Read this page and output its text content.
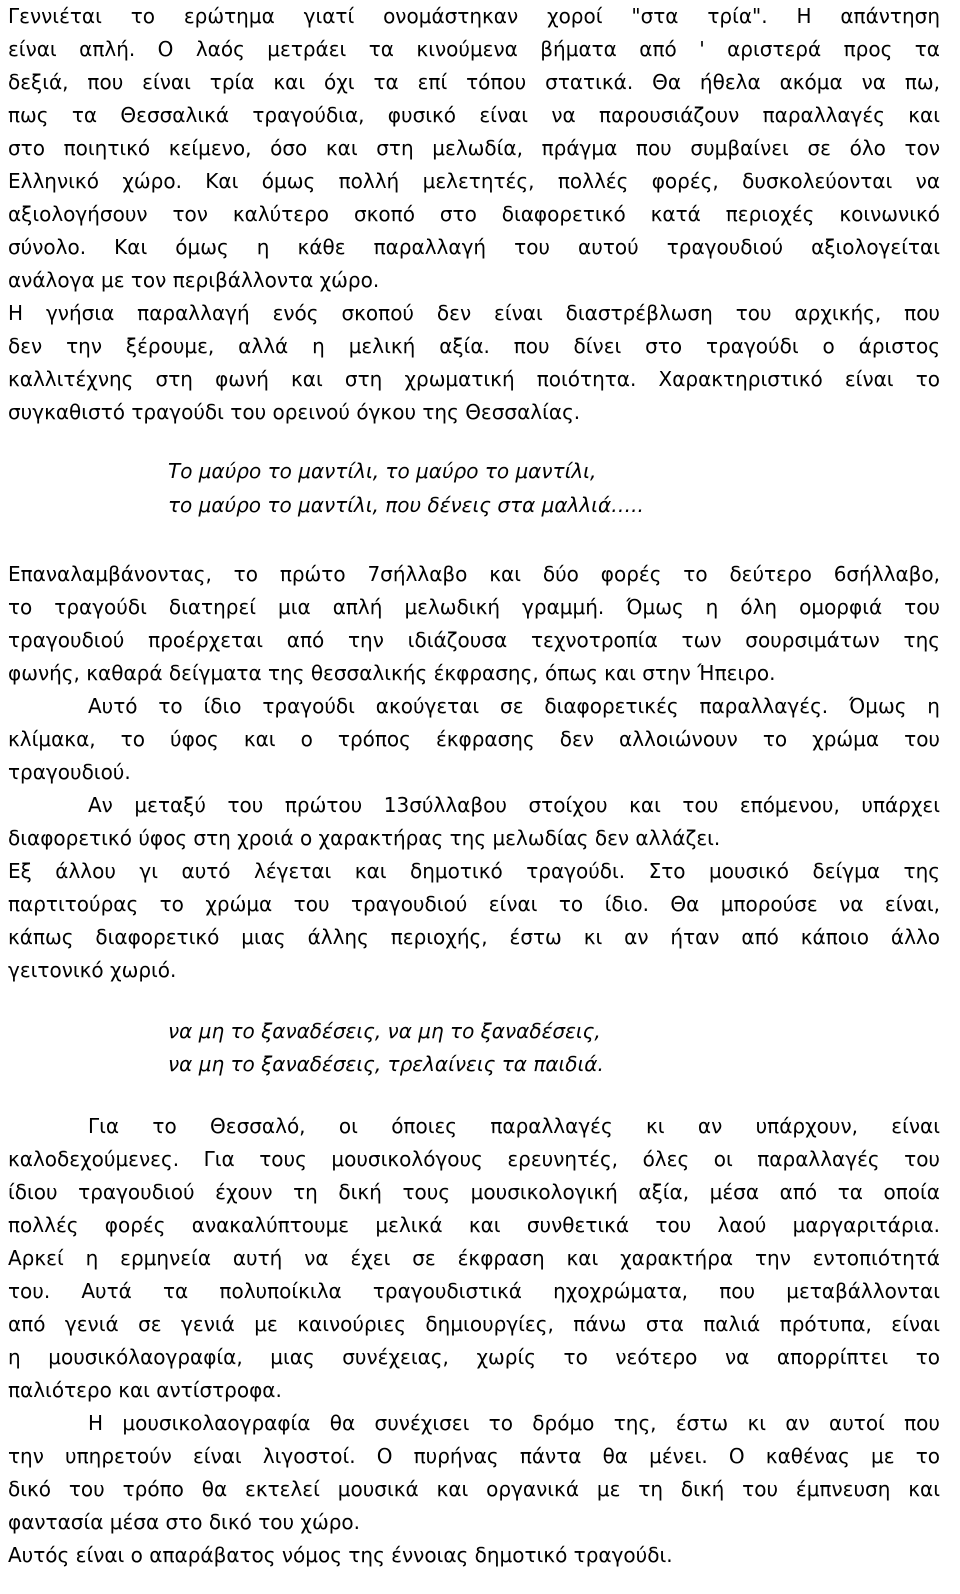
Γεννιέται το ερώτημα γιατί ονομάστηκαν χοροί "στα τρία". Η απάντηση
είναι απλή. Ο λαός μετράει τα κινούμενα βήματα από ' αριστερά προς τα
δεξιά, που είναι τρία και όχι τα επί τόπου στατικά. Θα ήθελα ακόμα να πω,
πως τα Θεσσαλικά τραγούδια, φυσικό είναι να παρουσιάζουν παραλλαγές και
στο ποιητικό κείμενο, όσο και στη μελωδία, πράγμα που συμβαίνει σε όλο τον
Ελληνικό χώρο. Και όμως πολλή μελετητές, πολλές φορές, δυσκολεύονται να
αξιολογήσουν τον καλύτερο σκοπό στο διαφορετικό κατά περιοχές κοινωνικό
σύνολο. Και όμως η κάθε παραλλαγή του αυτού τραγουδιού αξιολογείται
ανάλογα με τον περιβάλλοντα χώρο.
Η γνήσια παραλλαγή ενός σκοπού δεν είναι διαστρέβλωση του αρχικής, που
δεν την ξέρουμε, αλλά η μελική αξία. που δίνει στο τραγούδι ο άριστος
καλλιτέχνης στη φωνή και στη χρωματική ποιότητα. Χαρακτηριστικό είναι το
συγκαθιστό τραγούδι του ορεινού όγκου της Θεσσαλίας.
Το μαύρο το μαντίλι, το μαύρο το μαντίλι,
το μαύρο το μαντίλι, που δένεις στα μαλλιά…..
Επαναλαμβάνοντας, το πρώτο 7σήλλαβο και δύο φορές το δεύτερο 6σήλλαβο,
το τραγούδι διατηρεί μια απλή μελωδική γραμμή. Όμως η όλη ομορφιά του
τραγουδιού προέρχεται από την ιδιάζουσα τεχνοτροπία των σουρσιμάτων της
φωνής, καθαρά δείγματα της θεσσαλικής έκφρασης, όπως και στην Ήπειρο.
Αυτό το ίδιο τραγούδι ακούγεται σε διαφορετικές παραλλαγές. Όμως η
κλίμακα, το ύφος και ο τρόπος έκφρασης δεν αλλοιώνουν το χρώμα του
τραγουδιού.
Αν μεταξύ του πρώτου 13σύλλαβου στοίχου και του επόμενου, υπάρχει
διαφορετικό ύφος στη χροιά ο χαρακτήρας της μελωδίας δεν αλλάζει.
Εξ άλλου γι αυτό λέγεται και δημοτικό τραγούδι. Στο μουσικό δείγμα της
παρτιτούρας το χρώμα του τραγουδιού είναι το ίδιο. Θα μπορούσε να είναι,
κάπως διαφορετικό μιας άλλης περιοχής, έστω κι αν ήταν από κάποιο άλλο
γειτονικό χωριό.
να μη το ξαναδέσεις, να μη το ξαναδέσεις,
να μη το ξαναδέσεις, τρελαίνεις τα παιδιά.
Για το Θεσσαλό, οι όποιες παραλλαγές κι αν υπάρχουν, είναι
καλοδεχούμενες. Για τους μουσικολόγους ερευνητές, όλες οι παραλλαγές του
ίδιου τραγουδιού έχουν τη δική τους μουσικολογική αξία, μέσα από τα οποία
πολλές φορές ανακαλύπτουμε μελικά και συνθετικά του λαού μαργαριτάρια.
Αρκεί η ερμηνεία αυτή να έχει σε έκφραση και χαρακτήρα την εντοπιότητά
του. Αυτά τα πολυποίκιλα τραγουδιστικά ηχοχρώματα, που μεταβάλλονται
από γενιά σε γενιά με καινούριες δημιουργίες, πάνω στα παλιά πρότυπα, είναι
η μουσικόλαογραφία, μιας συνέχειας, χωρίς το νεότερο να απορρίπτει το
παλιότερο και αντίστροφα.
Η μουσικολαογραφία θα συνέχισει το δρόμο της, έστω κι αν αυτοί που
την υπηρετούν είναι λιγοστοί. Ο πυρήνας πάντα θα μένει. Ο καθένας με το
δικό του τρόπο θα εκτελεί μουσικά και οργανικά με τη δική του έμπνευση και
φαντασία μέσα στο δικό του χώρο.
Αυτός είναι ο απαράβατος νόμος της έννοιας δημοτικό τραγούδι.
